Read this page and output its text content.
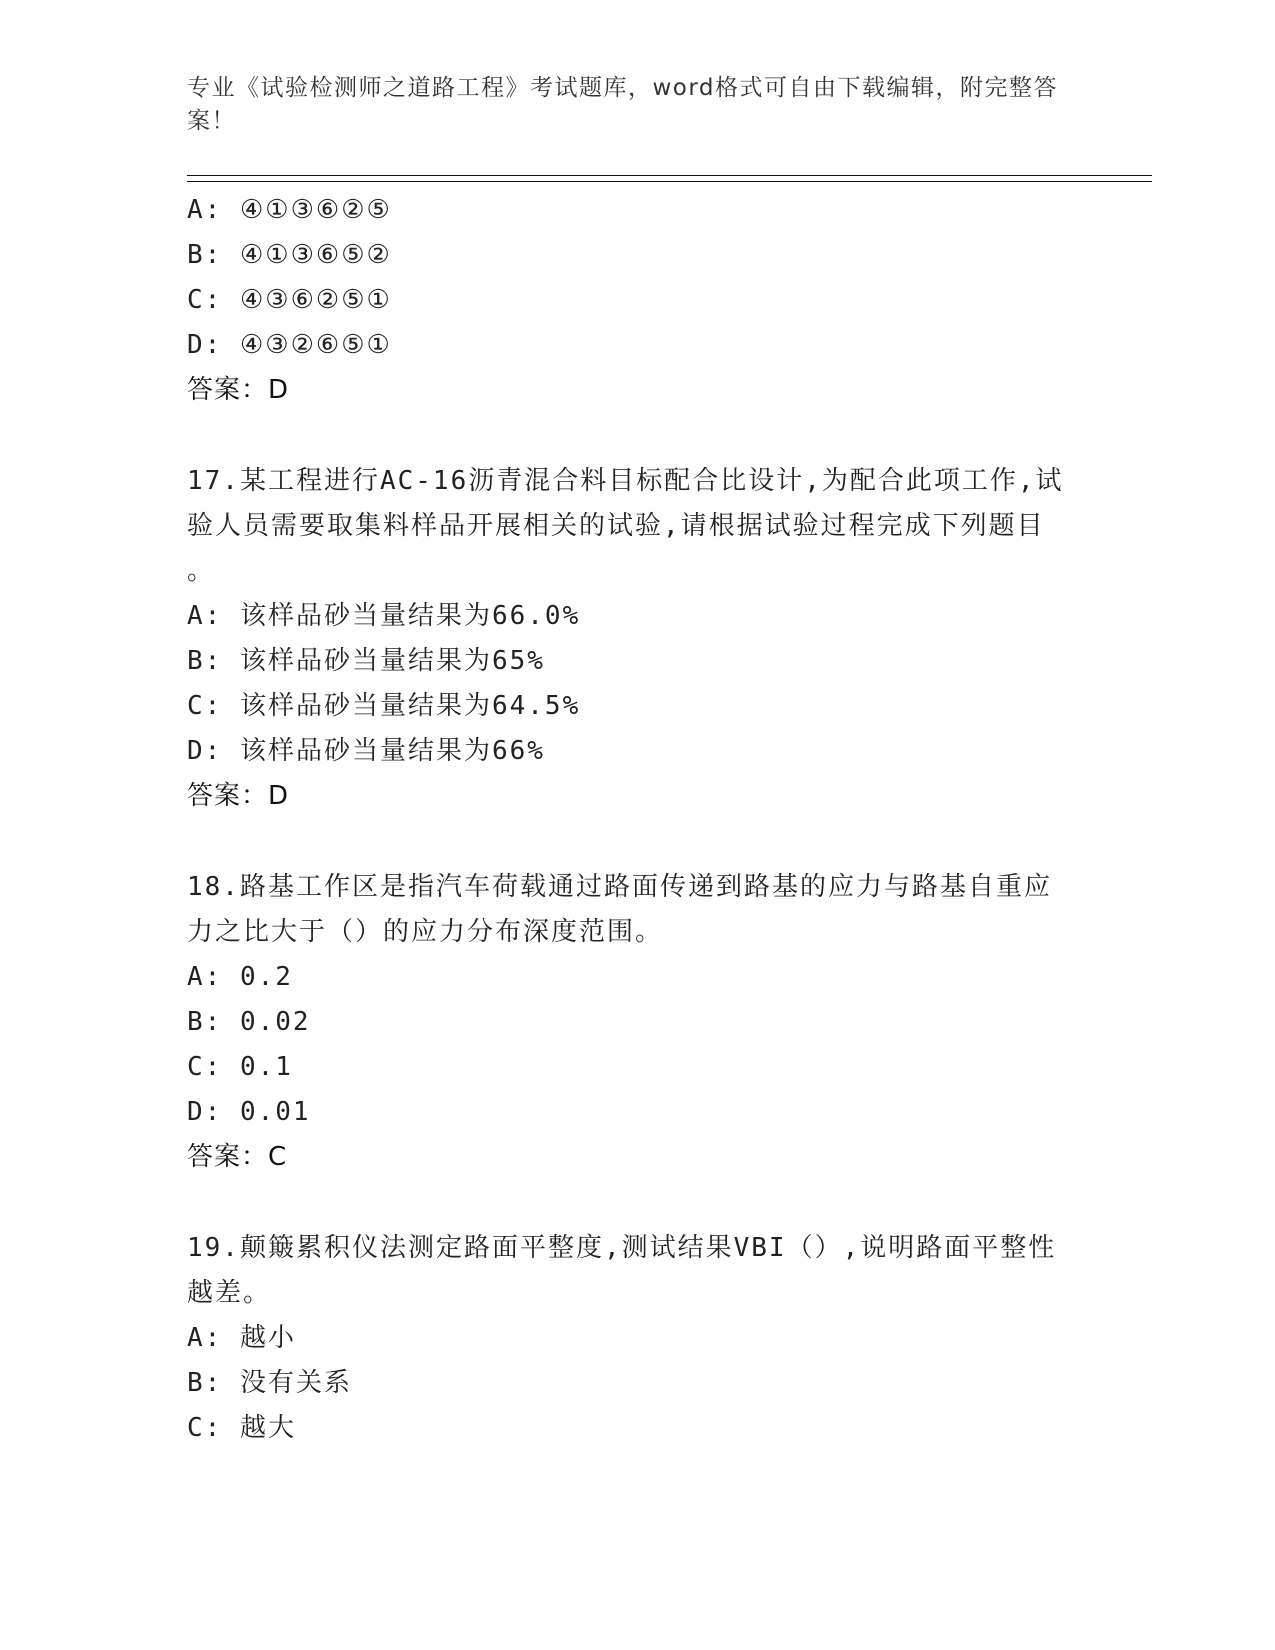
专业《试验检测师之道路工程》考试题库，word格式可自由下载编辑，附完整答
案！
A: ④①③⑥②⑤
B: ④①③⑥⑤②
C: ④③⑥②⑤①
D: ④③②⑥⑤①
答案：D
17.某工程进行AC-16沥青混合料目标配合比设计,为配合此项工作,试
验人员需要取集料样品开展相关的试验,请根据试验过程完成下列题目
。
A: 该样品砂当量结果为66.0%
B: 该样品砂当量结果为65%
C: 该样品砂当量结果为64.5%
D: 该样品砂当量结果为66%
答案：D
18.路基工作区是指汽车荷载通过路面传递到路基的应力与路基自重应
力之比大于（）的应力分布深度范围。
A: 0.2
B: 0.02
C: 0.1
D: 0.01
答案：C
19.颠簸累积仪法测定路面平整度,测试结果VBI（）,说明路面平整性
越差。
A: 越小
B: 没有关系
C: 越大
